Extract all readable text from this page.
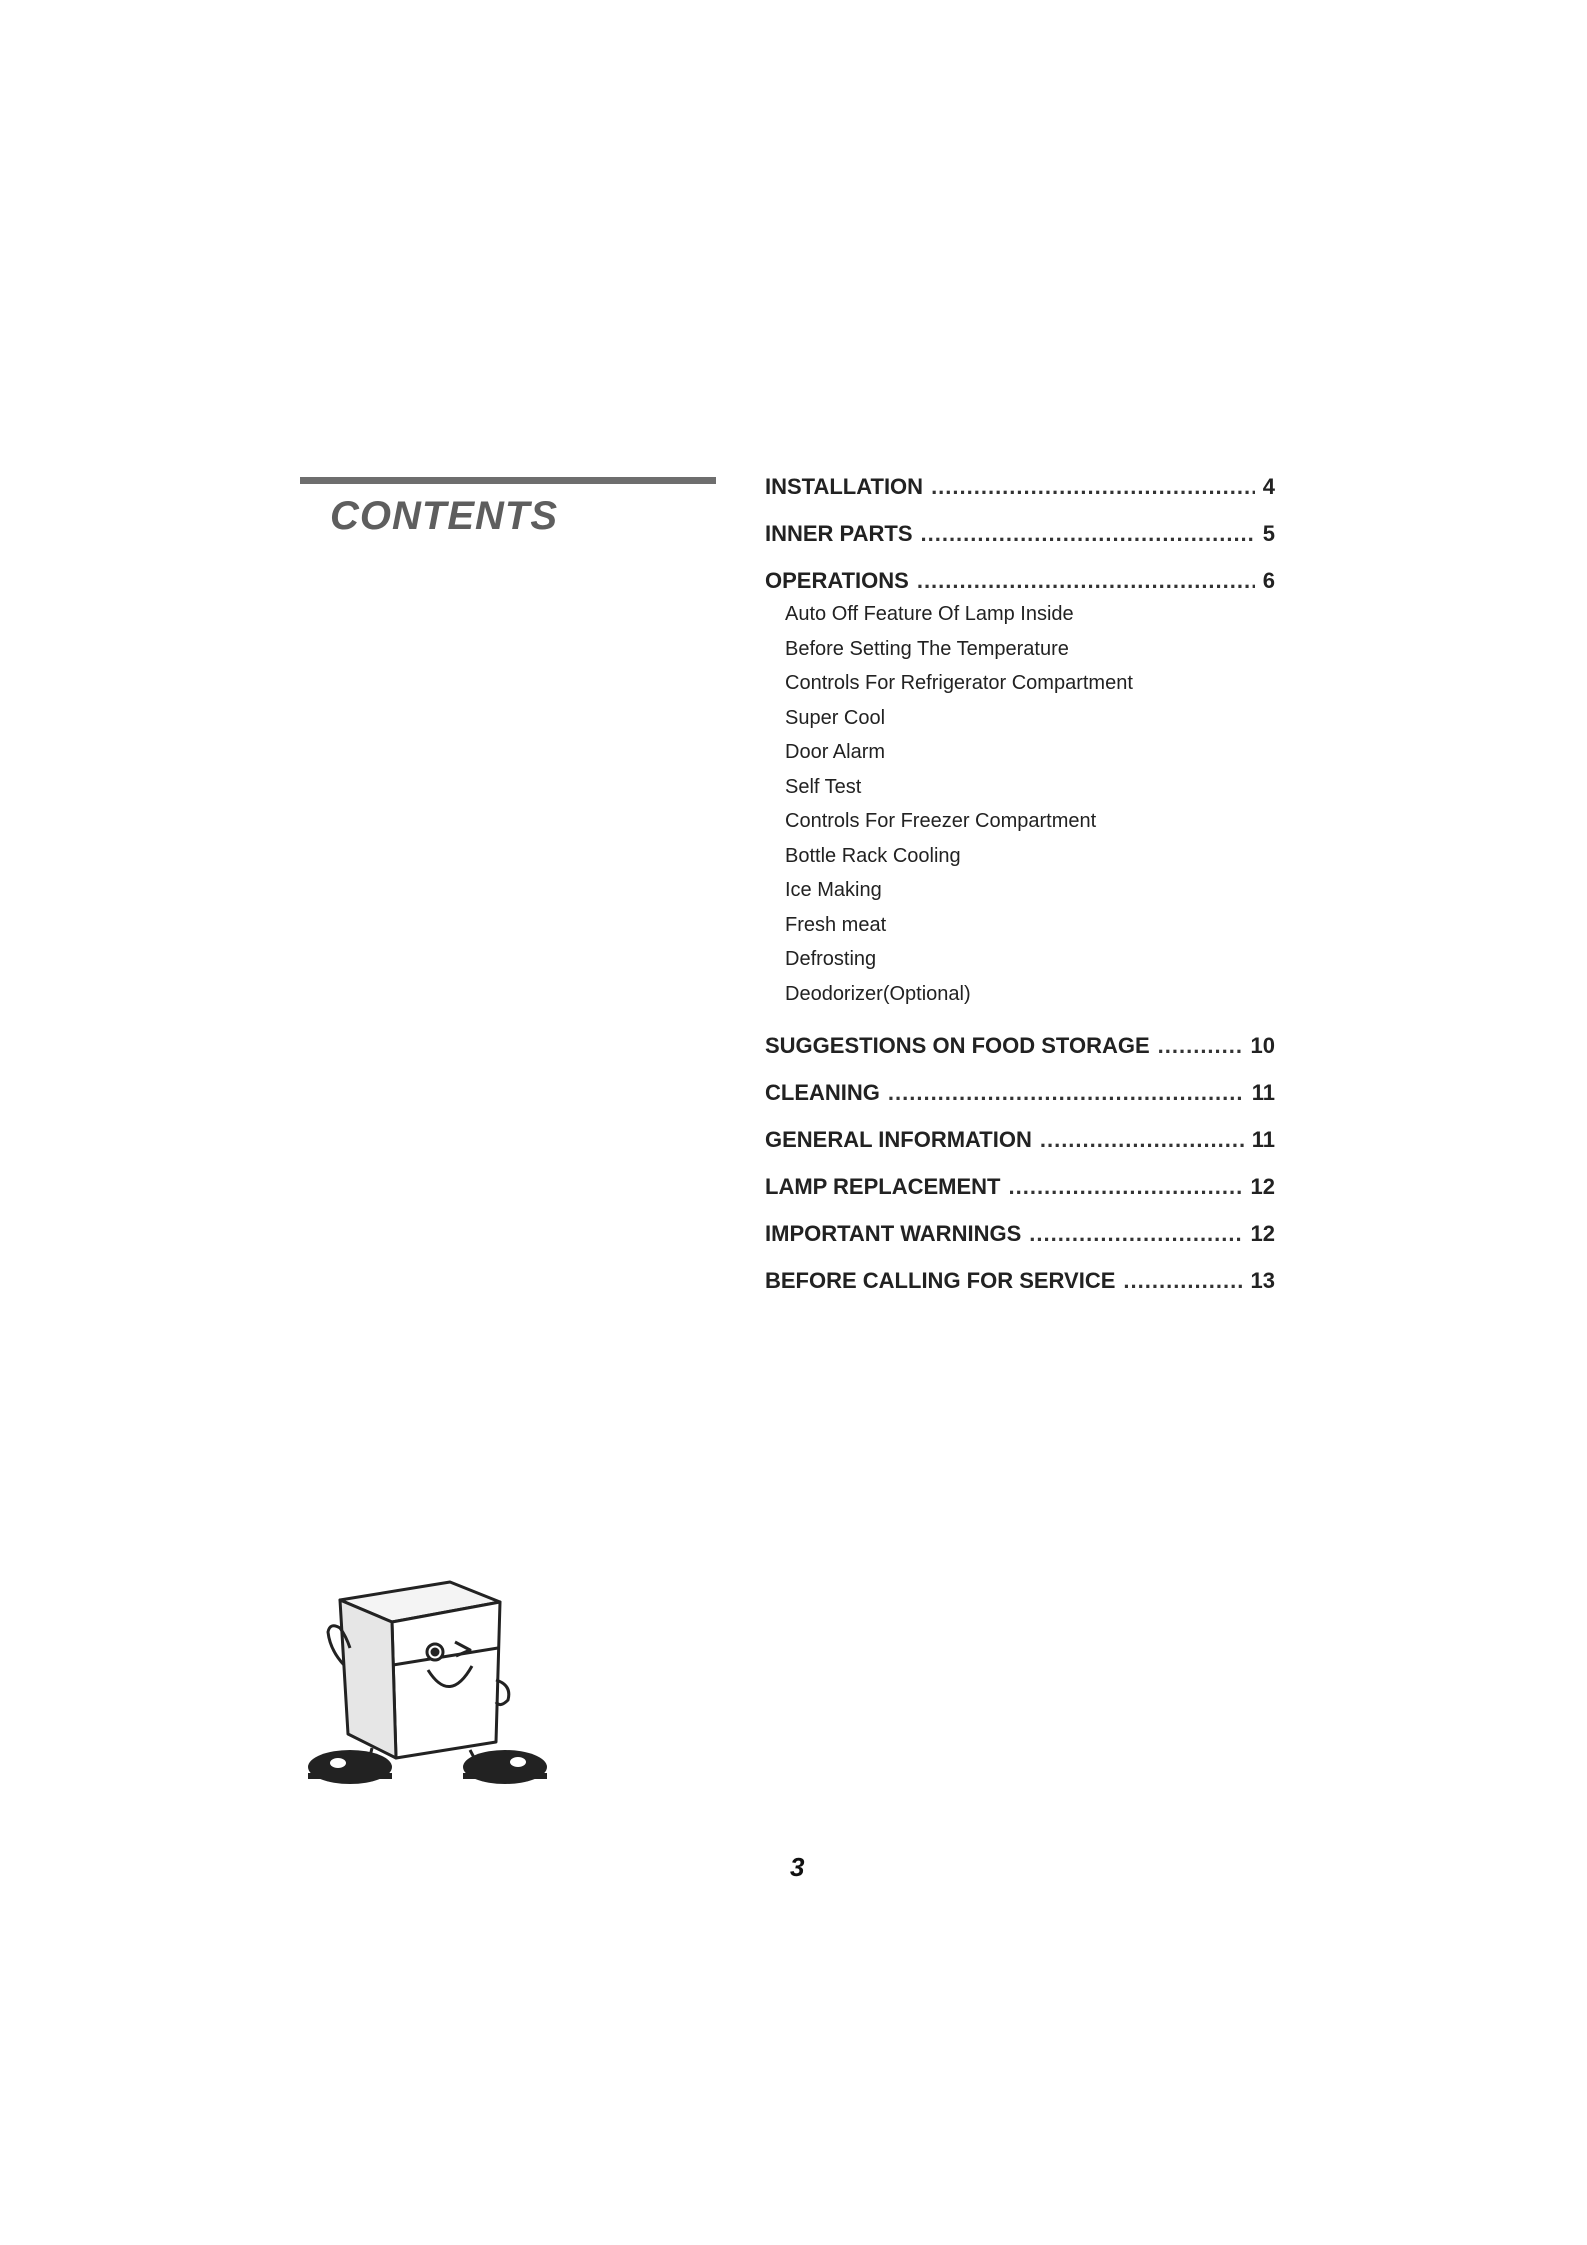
CONTENTS
INSTALLATION .....	4
INNER PARTS .....	5
OPERATIONS .....	6
Auto Off Feature Of Lamp Inside
Before Setting The Temperature
Controls For Refrigerator Compartment
Super Cool
Door Alarm
Self Test
Controls For Freezer Compartment
Bottle Rack Cooling
Ice Making
Fresh meat
Defrosting
Deodorizer(Optional)
SUGGESTIONS ON FOOD STORAGE .....	10
CLEANING .....	11
GENERAL INFORMATION .....	11
LAMP REPLACEMENT .....	12
IMPORTANT WARNINGS .....	12
BEFORE CALLING FOR SERVICE .....	13
3
